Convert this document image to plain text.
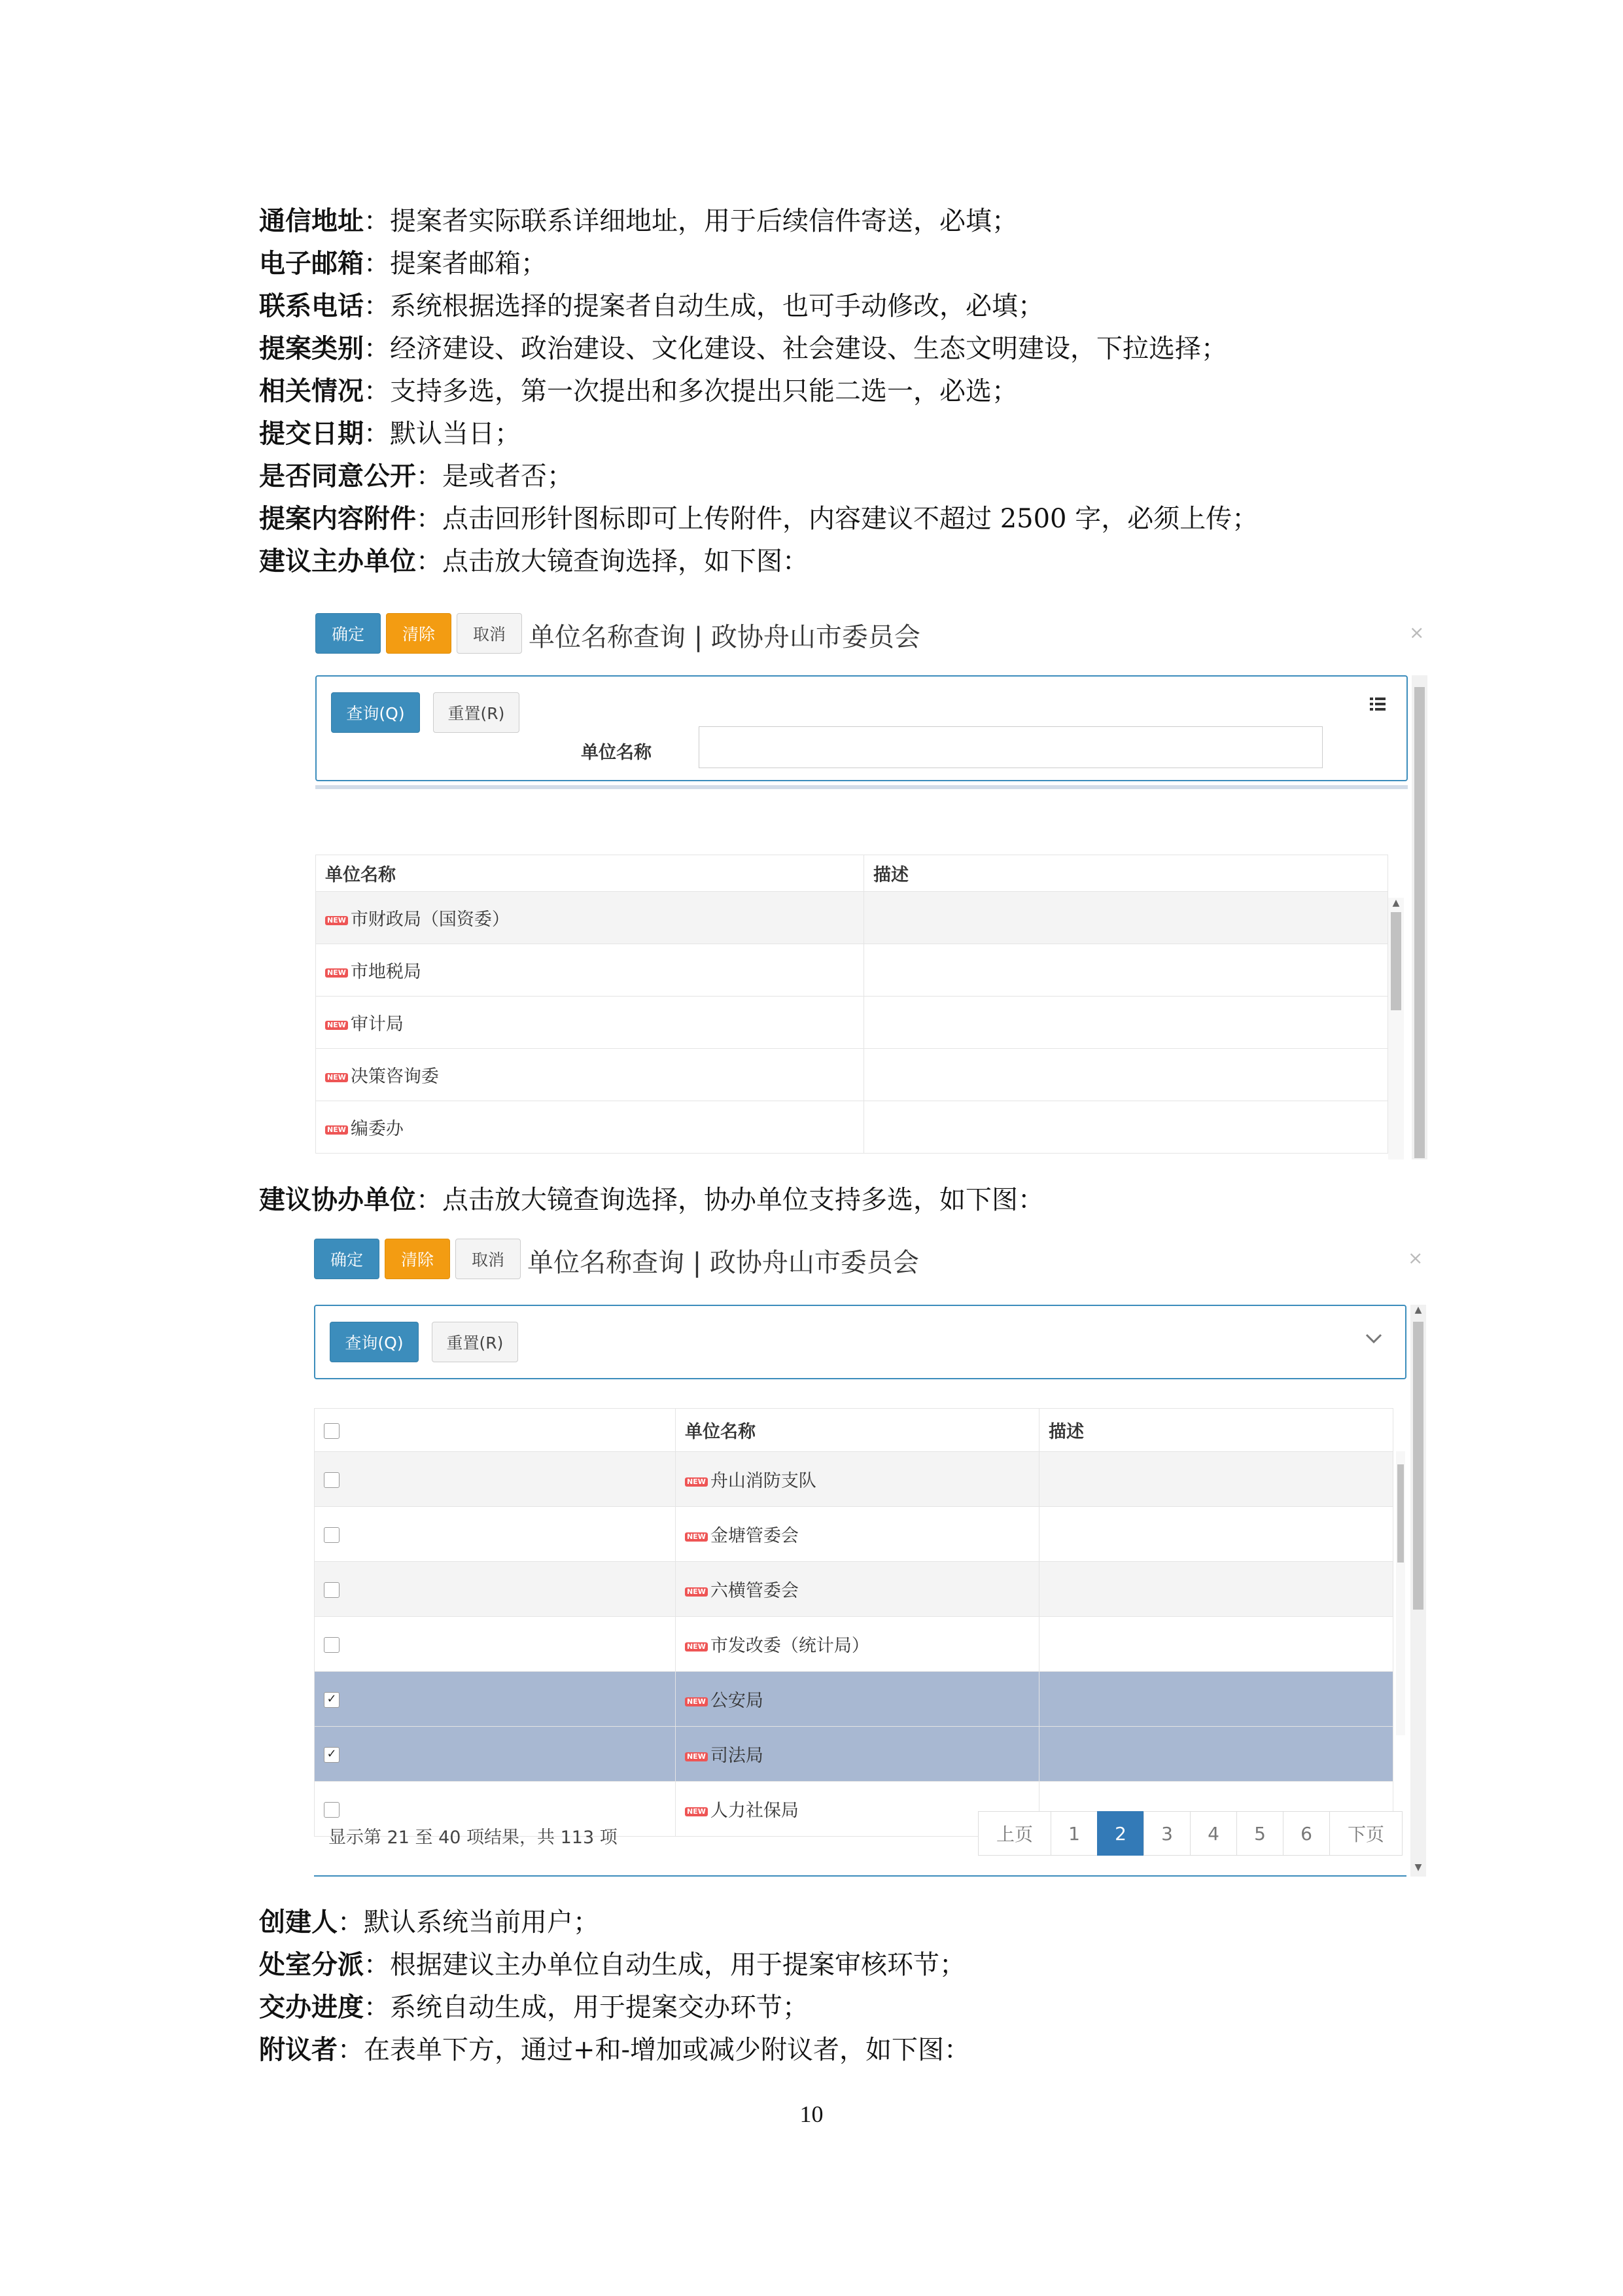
通信地址：提案者实际联系详细地址，用于后续信件寄送，必填；
电子邮箱：提案者邮箱；
联系电话：系统根据选择的提案者自动生成，也可手动修改，必填；
提案类别：经济建设、政治建设、文化建设、社会建设、生态文明建设，下拉选择；
相关情况：支持多选，第一次提出和多次提出只能二选一，必选；
提交日期：默认当日；
是否同意公开：是或者否；
提案内容附件：点击回形针图标即可上传附件，内容建议不超过 2500 字，必须上传；
建议主办单位：点击放大镜查询选择，如下图：
确定	清除	取消 单位名称查询 | 政协舟山市委员会	×
查询(Q)	重置(R)
单位名称
单位名称	描述
NEW 市财政局（国资委）	
NEW 市地税局	
NEW 审计局	
NEW 决策咨询委	
NEW 编委办	
▲
建议协办单位：点击放大镜查询选择，协办单位支持多选，如下图：
确定	清除	取消 单位名称查询 | 政协舟山市委员会	×
查询(Q)	重置(R)
▲
▼
	单位名称	描述
	NEW 舟山消防支队	
	NEW 金塘管委会	
	NEW 六横管委会	
	NEW 市发改委（统计局）	
✓	NEW 公安局	
✓	NEW 司法局	
	NEW 人力社保局	
显示第 21 至 40 项结果，共 113 项	上页	1	2	3	4	5	6	下页
创建人：默认系统当前用户；
处室分派：根据建议主办单位自动生成，用于提案审核环节；
交办进度：系统自动生成，用于提案交办环节；
附议者：在表单下方，通过+和-增加或减少附议者，如下图：
10
